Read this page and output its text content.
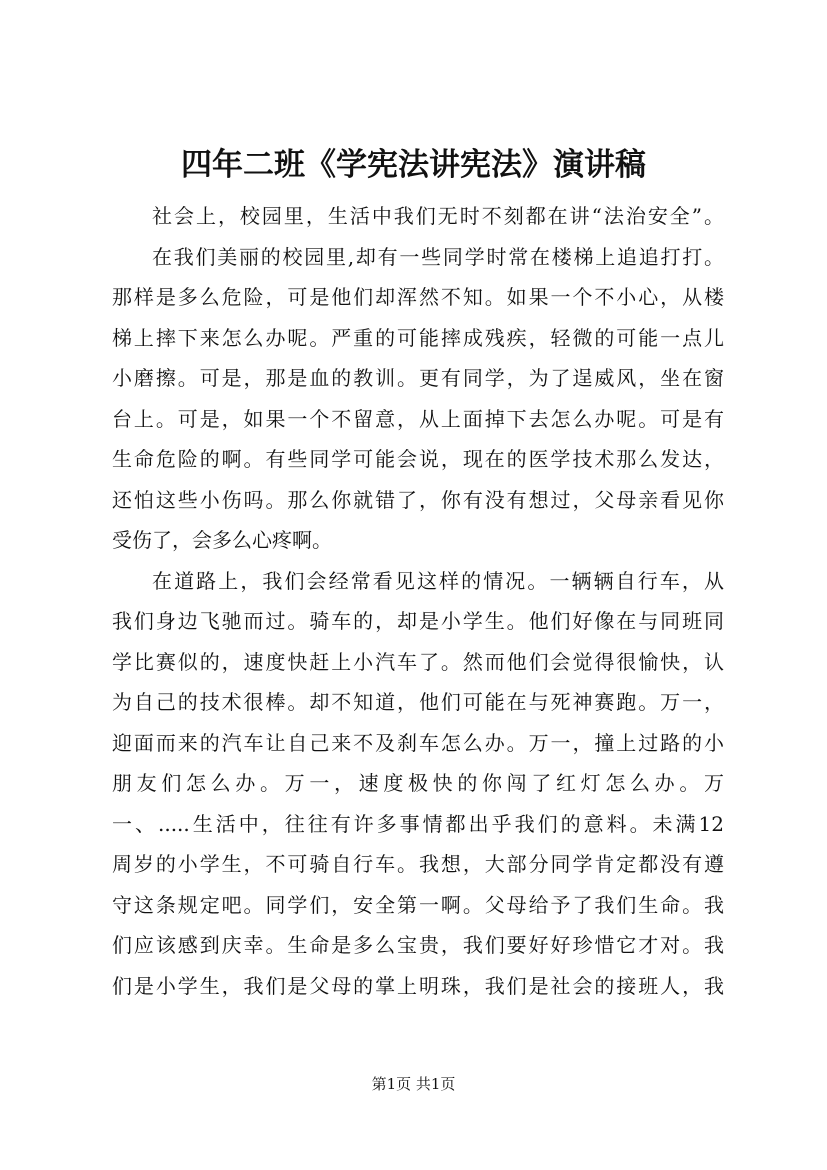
四年二班《学宪法讲宪法》演讲稿
社会上，校园里，生活中我们无时不刻都在讲“法治安全”。
在我们美丽的校园里,却有一些同学时常在楼梯上追追打打。
那样是多么危险，可是他们却浑然不知。如果一个不小心，从楼
梯上摔下来怎么办呢。严重的可能摔成残疾，轻微的可能一点儿
小磨擦。可是，那是血的教训。更有同学，为了逞威风，坐在窗
台上。可是，如果一个不留意，从上面掉下去怎么办呢。可是有
生命危险的啊。有些同学可能会说，现在的医学技术那么发达，
还怕这些小伤吗。那么你就错了，你有没有想过，父母亲看见你
受伤了，会多么心疼啊。
在道路上，我们会经常看见这样的情况。一辆辆自行车，从
我们身边飞驰而过。骑车的，却是小学生。他们好像在与同班同
学比赛似的，速度快赶上小汽车了。然而他们会觉得很愉快，认
为自己的技术很棒。却不知道，他们可能在与死神赛跑。万一，
迎面而来的汽车让自己来不及刹车怎么办。万一，撞上过路的小
朋友们怎么办。万一，速度极快的你闯了红灯怎么办。万
一、.....生活中，往往有许多事情都出乎我们的意料。未满12
周岁的小学生，不可骑自行车。我想，大部分同学肯定都没有遵
守这条规定吧。同学们，安全第一啊。父母给予了我们生命。我
们应该感到庆幸。生命是多么宝贵，我们要好好珍惜它才对。我
们是小学生，我们是父母的掌上明珠，我们是社会的接班人，我
第1页 共1页
